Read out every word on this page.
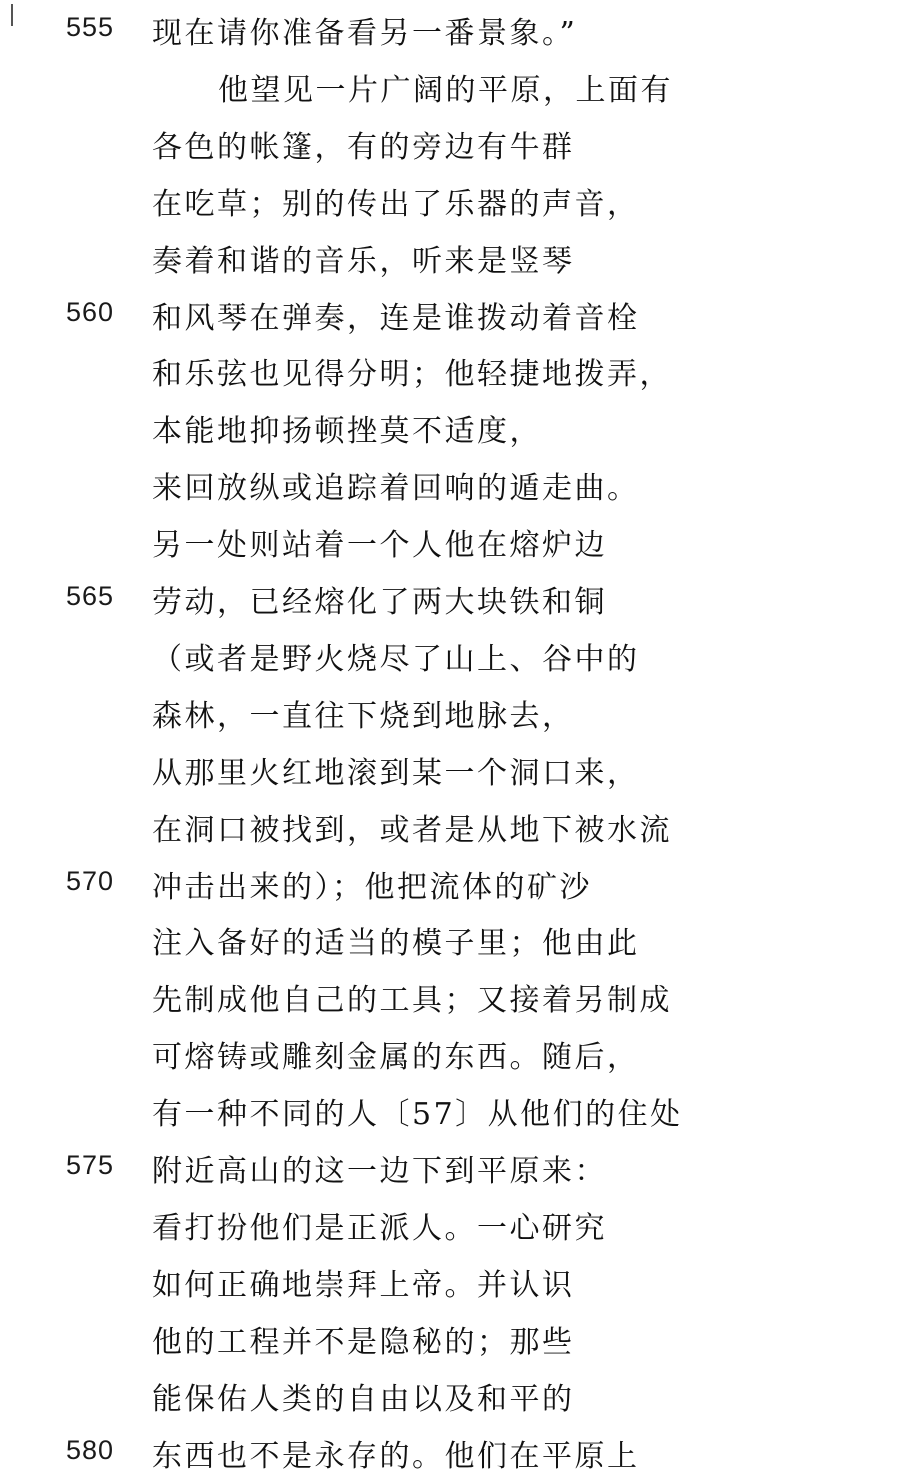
555 现在请你准备看另一番景象。”
他望见一片广阔的平原，上面有
各色的帐篷，有的旁边有牛群
在吃草；别的传出了乐器的声音，
奏着和谐的音乐，听来是竖琴
560 和风琴在弹奏，连是谁拨动着音栓
和乐弦也见得分明；他轻捷地拨弄，
本能地抑扬顿挫莫不适度，
来回放纵或追踪着回响的遁走曲。
另一处则站着一个人他在熔炉边
565 劳动，已经熔化了两大块铁和铜
（或者是野火烧尽了山上、谷中的
森林，一直往下烧到地脉去，
从那里火红地滚到某一个洞口来，
在洞口被找到，或者是从地下被水流
570 冲击出来的）；他把流体的矿沙
注入备好的适当的模子里；他由此
先制成他自己的工具；又接着另制成
可熔铸或雕刻金属的东西。随后，
有一种不同的人〔57〕从他们的住处
575 附近高山的这一边下到平原来：
看打扮他们是正派人。一心研究
如何正确地崇拜上帝。并认识
他的工程并不是隐秘的；那些
能保佑人类的自由以及和平的
580 东西也不是永存的。他们在平原上
